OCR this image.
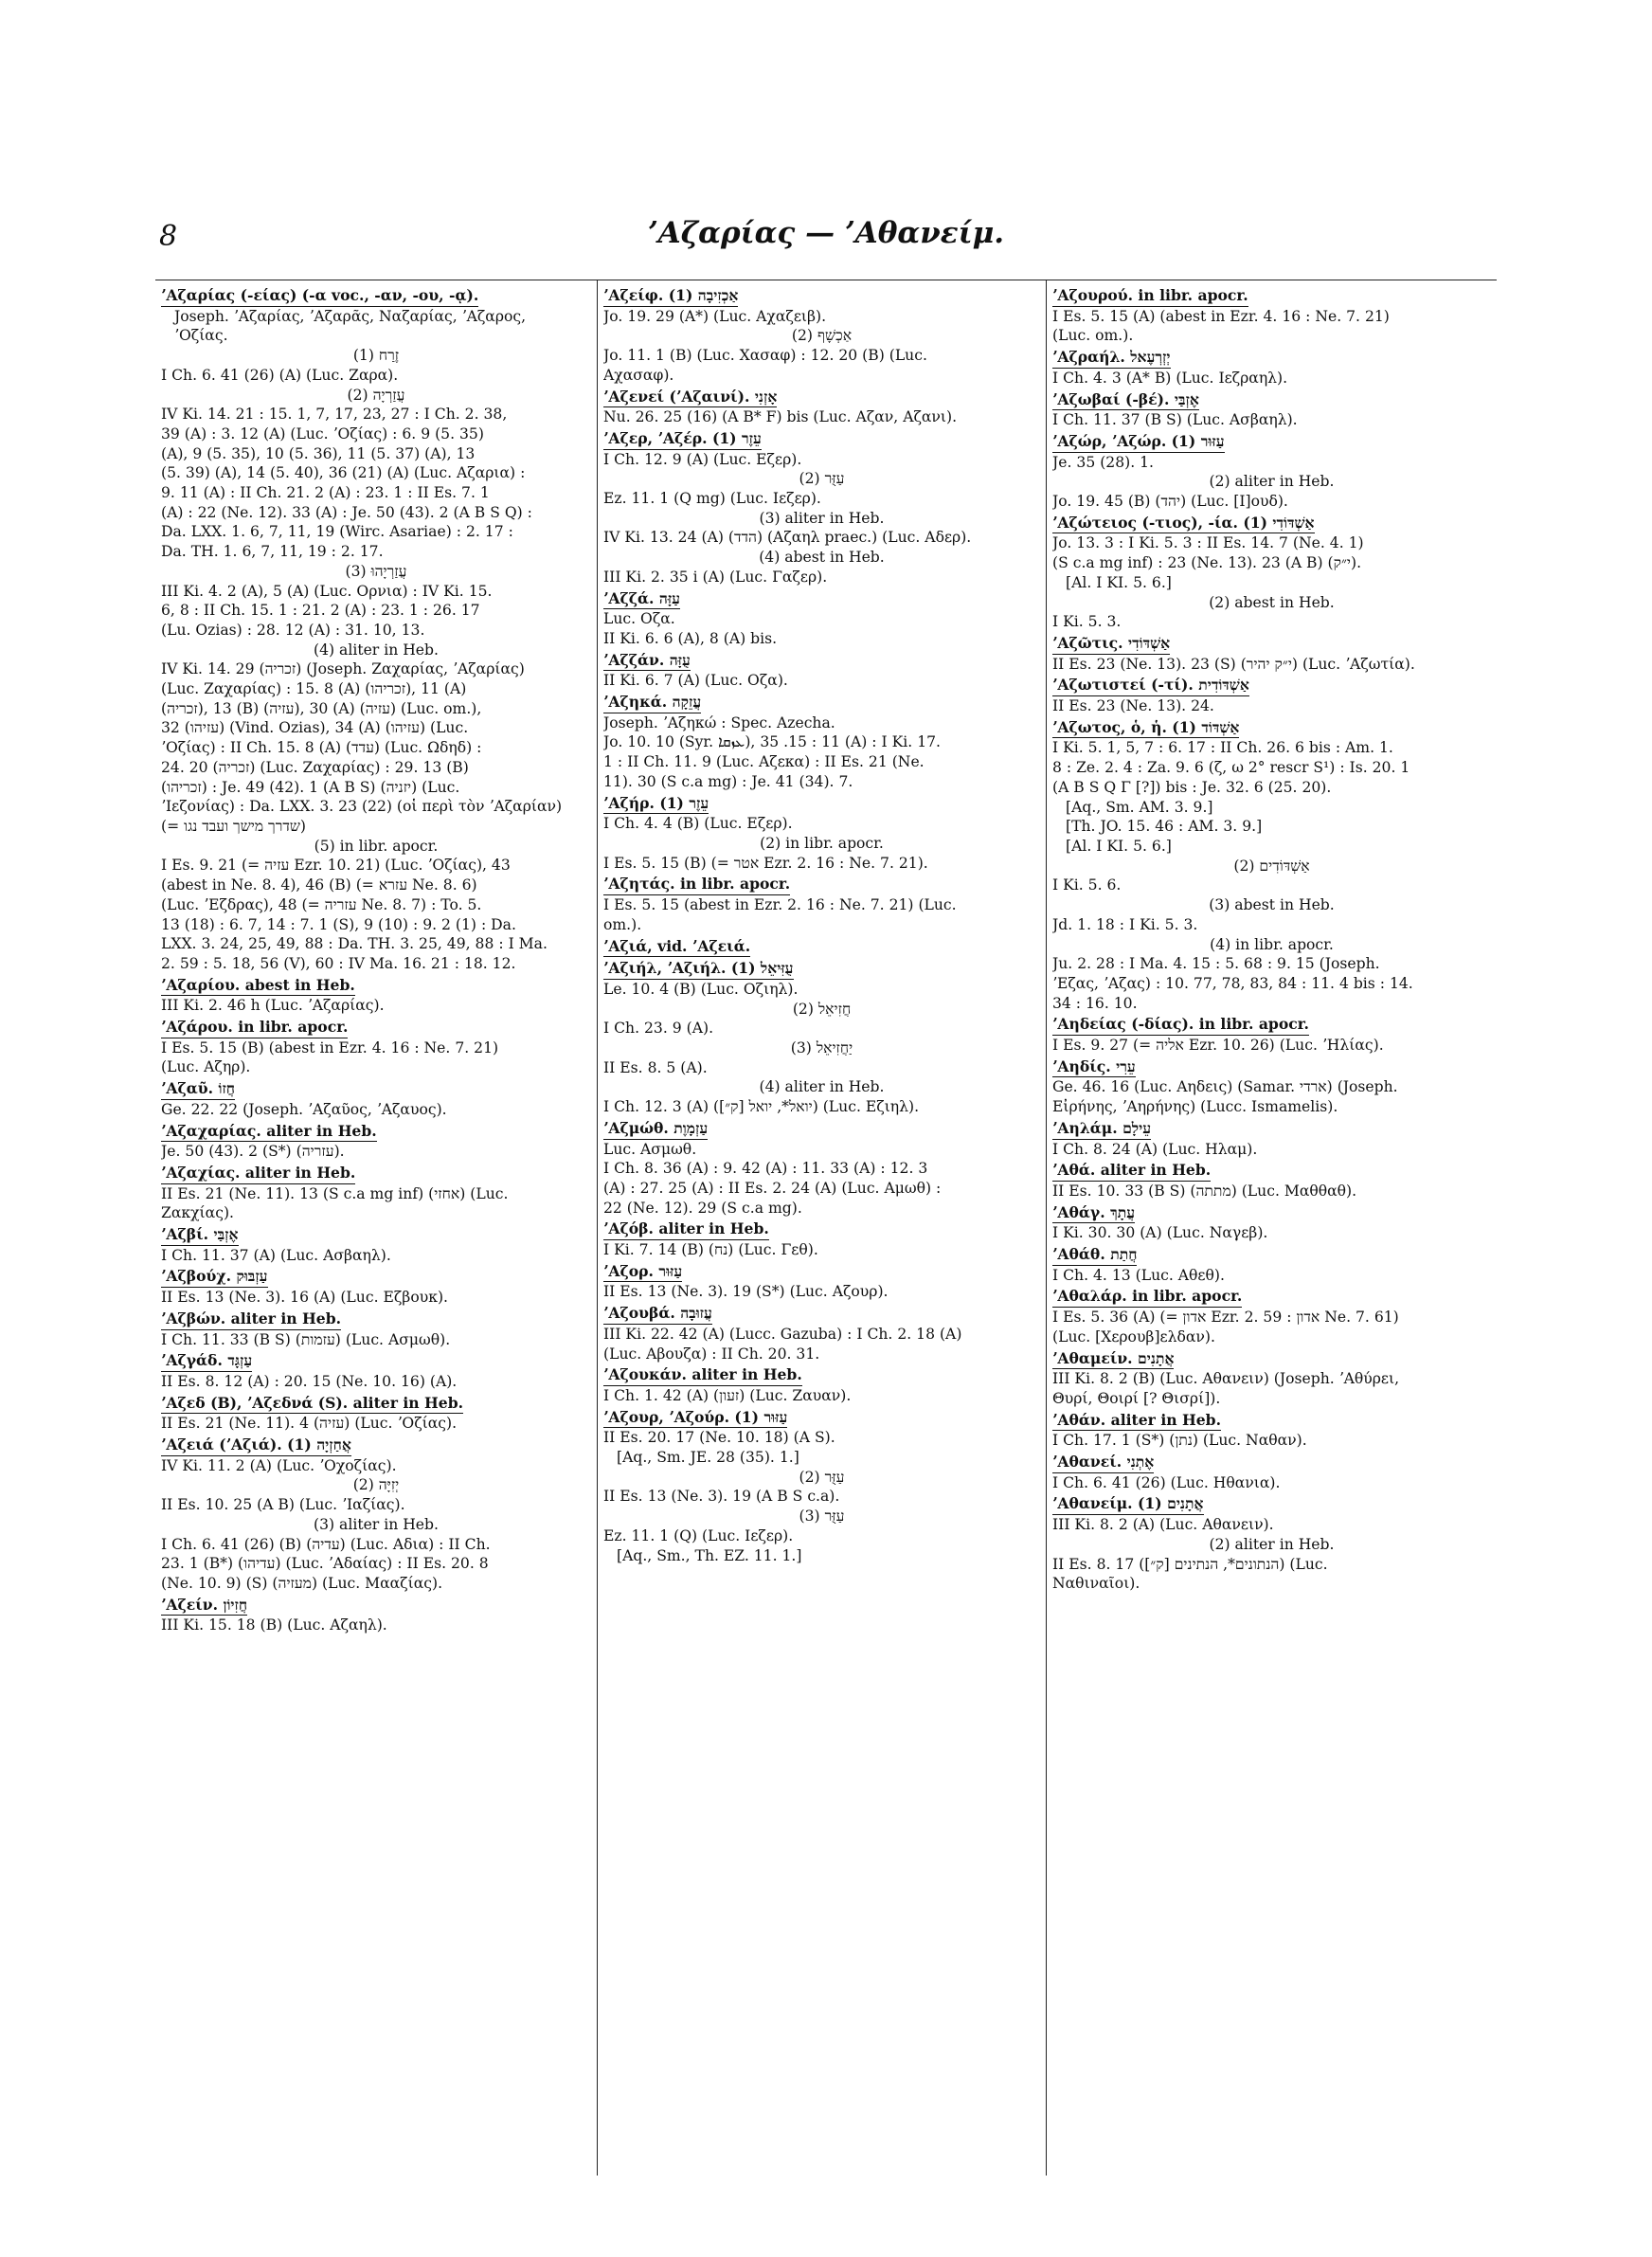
8	ʼΑζαρίας — ʼΑθανείμ.
ʼΑζαρίας (-είας) (-α voc., -αν, -ου, -ᾳ).
Joseph. ʼΑζαρίας, ʼΑζαρᾶς, Ναζαρίας, ʼΑζαρος,
ʼΟζίας.
(1) זֶרַח
I Ch. 6. 41 (26) (A) (Luc. Ζαρα).
(2) עֲזַרְיָה
IV Ki. 14. 21 : 15. 1, 7, 17, 23, 27 : I Ch. 2. 38,
39 (A) : 3. 12 (A) (Luc. ʼΟζίας) : 6. 9 (5. 35)
(A), 9 (5. 35), 10 (5. 36), 11 (5. 37) (A), 13
(5. 39) (A), 14 (5. 40), 36 (21) (A) (Luc. Αζαρια) :
9. 11 (A) : II Ch. 21. 2 (A) : 23. 1 : II Es. 7. 1
(A) : 22 (Ne. 12). 33 (A) : Je. 50 (43). 2 (A B S Q) :
Da. LXX. 1. 6, 7, 11, 19 (Wirc. Asariae) : 2. 17 :
Da. TH. 1. 6, 7, 11, 19 : 2. 17.
(3) עֲזַרְיָהוּ
III Ki. 4. 2 (A), 5 (A) (Luc. Ορνια) : IV Ki. 15.
6, 8 : II Ch. 15. 1 : 21. 2 (A) : 23. 1 : 26. 17
(Lu. Ozias) : 28. 12 (A) : 31. 10, 13.
(4) aliter in Heb.
IV Ki. 14. 29 (זכריה) (Joseph. Ζαχαρίας, ʼΑζαρίας)
(Luc. Ζαχαρίας) : 15. 8 (A) (זכריהו), 11 (A)
(זכריה), 13 (B) (עזיה), 30 (A) (עזיה) (Luc. om.),
32 (עזיהו) (Vind. Ozias), 34 (A) (עזיהו) (Luc.
ʼΟζίας) : II Ch. 15. 8 (A) (עדד) (Luc. Ωδηδ) :
24. 20 (זכריה) (Luc. Ζαχαρίας) : 29. 13 (B)
(זכריהו) : Je. 49 (42). 1 (A B S) (יזניה) (Luc.
ʼΙεζονίας) : Da. LXX. 3. 23 (22) (οἱ περὶ τὸν ʼΑζαρίαν)
(= שדרך מישך ועבד נגו)
(5) in libr. apocr.
I Es. 9. 21 (= עזיה Ezr. 10. 21) (Luc. ʼΟζίας), 43
(abest in Ne. 8. 4), 46 (B) (= עזרא Ne. 8. 6)
(Luc. ʼΕζδρας), 48 (= עזריה Ne. 8. 7) : To. 5.
13 (18) : 6. 7, 14 : 7. 1 (S), 9 (10) : 9. 2 (1) : Da.
LXX. 3. 24, 25, 49, 88 : Da. TH. 3. 25, 49, 88 : I Ma.
2. 59 : 5. 18, 56 (V), 60 : IV Ma. 16. 21 : 18. 12.
ʼΑζαρίου. abest in Heb.
III Ki. 2. 46 h (Luc. ʼΑζαρίας).
ʼΑζάρου. in libr. apocr.
I Es. 5. 15 (B) (abest in Ezr. 4. 16 : Ne. 7. 21)
(Luc. Αζηρ).
ʼΑζαῦ. חֲזוֹ
Ge. 22. 22 (Joseph. ʼΑζαῦος, ʼΑζαυος).
ʼΑζαχαρίας. aliter in Heb.
Je. 50 (43). 2 (S*) (עזריה).
ʼΑζαχίας. aliter in Heb.
II Es. 21 (Ne. 11). 13 (S c.a mg inf) (אחזי) (Luc.
Ζακχίας).
ʼΑζβί. אֶזְבַּי
I Ch. 11. 37 (A) (Luc. Ασβαηλ).
ʼΑζβούχ. עַזְבּוּק
II Es. 13 (Ne. 3). 16 (A) (Luc. Εζβουκ).
ʼΑζβών. aliter in Heb.
I Ch. 11. 33 (B S) (עזמות) (Luc. Ασμωθ).
ʼΑζγάδ. עַזְגָּד
II Es. 8. 12 (A) : 20. 15 (Ne. 10. 16) (A).
ʼΑζεδ (B), ʼΑζεδνά (S). aliter in Heb.
II Es. 21 (Ne. 11). 4 (עזיה) (Luc. ʼΟζίας).
ʼΑζειά (ʼΑζιά). (1) אֲחַזְיָה
IV Ki. 11. 2 (A) (Luc. ʼΟχοζίας).
(2) יְזִיָּה
II Es. 10. 25 (A B) (Luc. ʼΙαζίας).
(3) aliter in Heb.
I Ch. 6. 41 (26) (B) (עדיה) (Luc. Αδια) : II Ch.
23. 1 (B*) (עדיהו) (Luc. ʼΑδαίας) : II Es. 20. 8
(Ne. 10. 9) (S) (מעזיה) (Luc. Μααζίας).
ʼΑζείν. חֲזִיוֹן
III Ki. 15. 18 (B) (Luc. Αζαηλ).
ʼΑζείφ. (1) אַכְזִיבָה
Jo. 19. 29 (A*) (Luc. Αχαζειβ).
(2) אַכְשָׁף
Jo. 11. 1 (B) (Luc. Χασαφ) : 12. 20 (B) (Luc.
Αχασαφ).
ʼΑζενεί (ʼΑζαινί). אָזְנִי
Nu. 26. 25 (16) (A B* F) bis (Luc. Αζαν, Αζανι).
ʼΑζερ, ʼΑζέρ. (1) עֵזֶר
I Ch. 12. 9 (A) (Luc. Εζερ).
(2) עַזֻּר
Ez. 11. 1 (Q mg) (Luc. Ιεζερ).
(3) aliter in Heb.
IV Ki. 13. 24 (A) (הדד) (Αζαηλ praec.) (Luc. Αδερ).
(4) abest in Heb.
III Ki. 2. 35 i (A) (Luc. Γαζερ).
ʼΑζζά. עַזָּה
Luc. Οζα.
II Ki. 6. 6 (A), 8 (A) bis.
ʼΑζζάν. עֻזָּה
II Ki. 6. 7 (A) (Luc. Οζα).
ʼΑζηκά. עֲזֵקָה
Joseph. ʼΑζηκώ : Spec. Azecha.
Jo. 10. 10 (Syr. ܥܙܩܐ), 11 : 15. 35 (A) : I Ki. 17.
1 : II Ch. 11. 9 (Luc. Αζεκα) : II Es. 21 (Ne.
11). 30 (S c.a mg) : Je. 41 (34). 7.
ʼΑζήρ. (1) עֵזֶר
I Ch. 4. 4 (B) (Luc. Εζερ).
(2) in libr. apocr.
I Es. 5. 15 (B) (= אטר Ezr. 2. 16 : Ne. 7. 21).
ʼΑζητάς. in libr. apocr.
I Es. 5. 15 (abest in Ezr. 2. 16 : Ne. 7. 21) (Luc.
om.).
ʼΑζιά, vid. ʼΑζειά.
ʼΑζιήλ, ʼΑζιήλ. (1) עֻזִּיאֵל
Le. 10. 4 (B) (Luc. Οζιηλ).
(2) חֲזִיאֵל
I Ch. 23. 9 (A).
(3) יַחֲזִיאֵל
II Es. 8. 5 (A).
(4) aliter in Heb.
I Ch. 12. 3 (A) (יואל*, יואל [ק״]) (Luc. Εζιηλ).
ʼΑζμώθ. עַזְמָוֶת
Luc. Ασμωθ.
I Ch. 8. 36 (A) : 9. 42 (A) : 11. 33 (A) : 12. 3
(A) : 27. 25 (A) : II Es. 2. 24 (A) (Luc. Αμωθ) :
22 (Ne. 12). 29 (S c.a mg).
ʼΑζόβ. aliter in Heb.
I Ki. 7. 14 (B) (נח) (Luc. Γεθ).
ʼΑζορ. עַזּוּר
II Es. 13 (Ne. 3). 19 (S*) (Luc. Αζουρ).
ʼΑζουβά. עֲזוּבָה
III Ki. 22. 42 (A) (Lucc. Gazuba) : I Ch. 2. 18 (A)
(Luc. Αβουζα) : II Ch. 20. 31.
ʼΑζουκάν. aliter in Heb.
I Ch. 1. 42 (A) (זעון) (Luc. Ζαυαν).
ʼΑζουρ, ʼΑζούρ. (1) עַזּוּר
II Es. 20. 17 (Ne. 10. 18) (A S).
[Aq., Sm. JE. 28 (35). 1.]
(2) עַזֻּר
II Es. 13 (Ne. 3). 19 (A B S c.a).
(3) עַזֻּר
Ez. 11. 1 (Q) (Luc. Ιεζερ).
[Aq., Sm., Th. EZ. 11. 1.]
ʼΑζουρού. in libr. apocr.
I Es. 5. 15 (A) (abest in Ezr. 4. 16 : Ne. 7. 21)
(Luc. om.).
ʼΑζραήλ. יְזְרְעֶאל
I Ch. 4. 3 (A* B) (Luc. Ιεζραηλ).
ʼΑζωβαί (-βέ). אֶזְבַּי
I Ch. 11. 37 (B S) (Luc. Ασβαηλ).
ʼΑζώρ, ʼΑζώρ. (1) עַזּוּר
Je. 35 (28). 1.
(2) aliter in Heb.
Jo. 19. 45 (B) (יהד) (Luc. [Ι]ουδ).
ʼΑζώτειος (-τιος), -ία. (1) אַשְׁדּוֹדִי
Jo. 13. 3 : I Ki. 5. 3 : II Es. 14. 7 (Ne. 4. 1)
(S c.a mg inf) : 23 (Ne. 13). 23 (A B) (י״ק).
[Al. I KI. 5. 6.]
(2) abest in Heb.
I Ki. 5. 3.
ʼΑζῶτις. אַשְׁדּוֹדִי
II Es. 23 (Ne. 13). 23 (S) (י״ק יהיר) (Luc. ʼΑζωτία).
ʼΑζωτιστεί (-τί). אַשְׁדּוֹדִית
II Es. 23 (Ne. 13). 24.
ʼΑζωτος, ὁ, ἡ. (1) אַשְׁדּוֹד
I Ki. 5. 1, 5, 7 : 6. 17 : II Ch. 26. 6 bis : Am. 1.
8 : Ze. 2. 4 : Za. 9. 6 (ζ, ω 2° rescr S¹) : Is. 20. 1
(A B S Q Γ [?]) bis : Je. 32. 6 (25. 20).
[Aq., Sm. AM. 3. 9.]
[Th. JO. 15. 46 : AM. 3. 9.]
[Al. I KI. 5. 6.]
(2) אַשְׁדּוֹדִים
I Ki. 5. 6.
(3) abest in Heb.
Jd. 1. 18 : I Ki. 5. 3.
(4) in libr. apocr.
Ju. 2. 28 : I Ma. 4. 15 : 5. 68 : 9. 15 (Joseph.
ʼΕζας, ʼΑζας) : 10. 77, 78, 83, 84 : 11. 4 bis : 14.
34 : 16. 10.
ʼΑηδείας (-δίας). in libr. apocr.
I Es. 9. 27 (= אליה Ezr. 10. 26) (Luc. ʼΗλίας).
ʼΑηδίς. עֵרִי
Ge. 46. 16 (Luc. Αηδεις) (Samar. ארדי) (Joseph.
Εἰρήνης, ʼΑηρήνης) (Lucc. Ismamelis).
ʼΑηλάμ. עֵילָם
I Ch. 8. 24 (A) (Luc. Ηλαμ).
ʼΑθά. aliter in Heb.
II Es. 10. 33 (B S) (מתתה) (Luc. Μαθθαθ).
ʼΑθάγ. עֲתָךְ
I Ki. 30. 30 (A) (Luc. Ναγεβ).
ʼΑθάθ. חֲתַת
I Ch. 4. 13 (Luc. Αθεθ).
ʼΑθαλάρ. in libr. apocr.
I Es. 5. 36 (A) (= אדון Ezr. 2. 59 : אדון Ne. 7. 61)
(Luc. [Χερουβ]ελδαν).
ʼΑθαμείν. אֲתָנִים
III Ki. 8. 2 (B) (Luc. Αθανειν) (Joseph. ʼΑθύρει,
Θυρί, Θοιρί [? Θισρί]).
ʼΑθάν. aliter in Heb.
I Ch. 17. 1 (S*) (נתן) (Luc. Ναθαν).
ʼΑθανεί. אֶתְנִי
I Ch. 6. 41 (26) (Luc. Ηθανια).
ʼΑθανείμ. (1) אֲתָנִים
III Ki. 8. 2 (A) (Luc. Αθανειν).
(2) aliter in Heb.
II Es. 8. 17 (הנתונים*, הנתינים [ק״]) (Luc.
Ναθιναῖοι).
